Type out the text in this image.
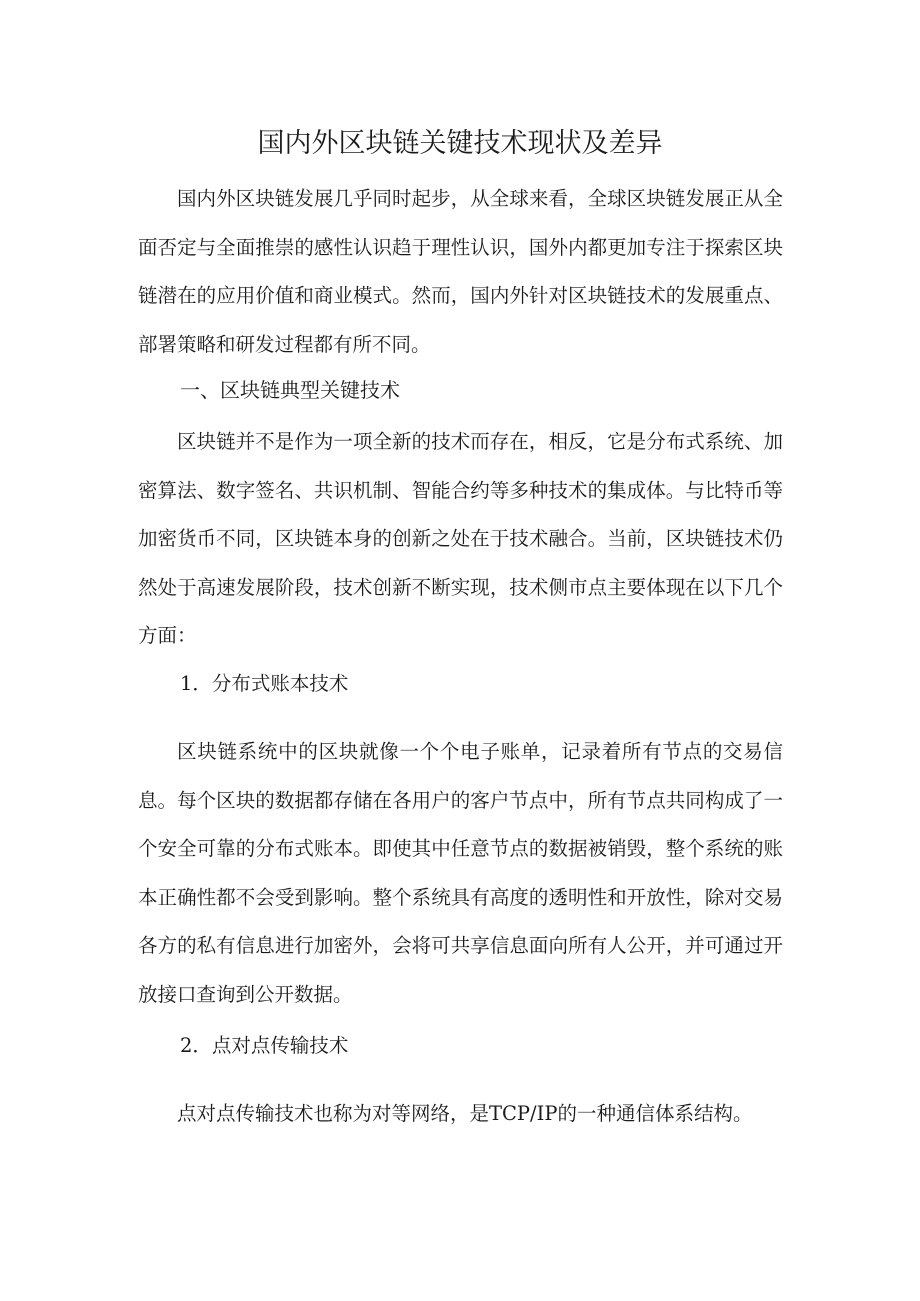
国内外区块链关键技术现状及差异

国内外区块链发展几乎同时起步，从全球来看，全球区块链发展正从全面否定与全面推崇的感性认识趋于理性认识，国外内都更加专注于探索区块链潜在的应用价值和商业模式。然而，国内外针对区块链技术的发展重点、部署策略和研发过程都有所不同。

一、区块链典型关键技术

区块链并不是作为一项全新的技术而存在，相反，它是分布式系统、加密算法、数字签名、共识机制、智能合约等多种技术的集成体。与比特币等加密货币不同，区块链本身的创新之处在于技术融合。当前，区块链技术仍然处于高速发展阶段，技术创新不断实现，技术侧市点主要体现在以下几个方面：

1．分布式账本技术

区块链系统中的区块就像一个个电子账单，记录着所有节点的交易信息。每个区块的数据都存储在各用户的客户节点中，所有节点共同构成了一个安全可靠的分布式账本。即使其中任意节点的数据被销毁，整个系统的账本正确性都不会受到影响。整个系统具有高度的透明性和开放性，除对交易各方的私有信息进行加密外，会将可共享信息面向所有人公开，并可通过开放接口查询到公开数据。

2．点对点传输技术

点对点传输技术也称为对等网络，是TCP/IP的一种通信体系结构。
